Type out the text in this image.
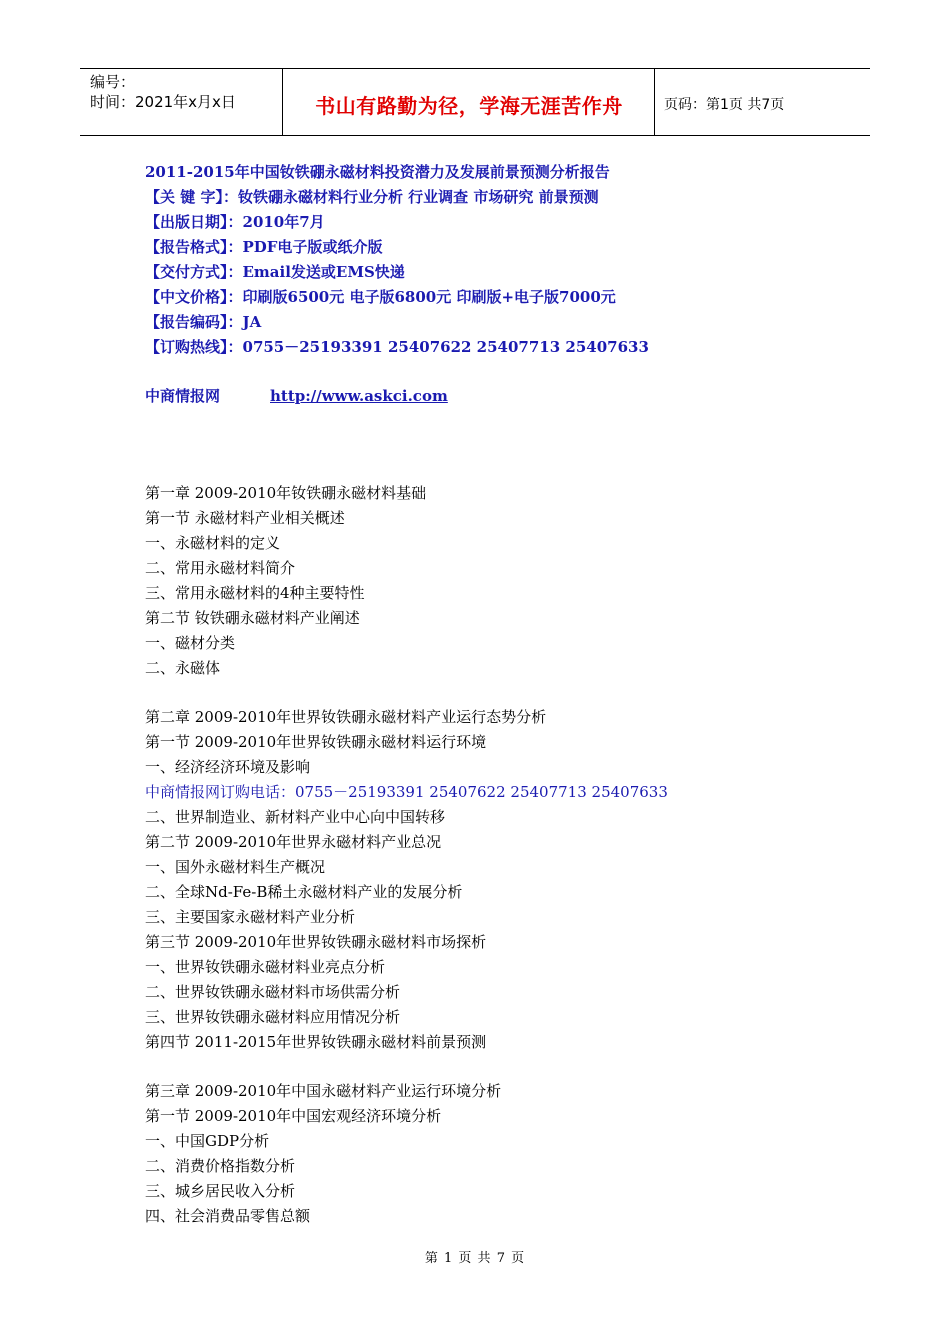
编号：
时间：2021年x月x日	书山有路勤为径，学海无涯苦作舟	页码：第1页 共7页
2011-2015年中国钕铁硼永磁材料投资潜力及发展前景预测分析报告
【关 键 字】：钕铁硼永磁材料行业分析 行业调查 市场研究 前景预测
【出版日期】：2010年7月
【报告格式】：PDF电子版或纸介版
【交付方式】：Email发送或EMS快递
【中文价格】：印刷版6500元 电子版6800元 印刷版+电子版7000元
【报告编码】：JA
【订购热线】：0755－25193391 25407622 25407713 25407633
中商情报网	http://www.askci.com
第一章 2009-2010年钕铁硼永磁材料基础
第一节 永磁材料产业相关概述
一、永磁材料的定义
二、常用永磁材料简介
三、常用永磁材料的4种主要特性
第二节 钕铁硼永磁材料产业阐述
一、磁材分类
二、永磁体
第二章 2009-2010年世界钕铁硼永磁材料产业运行态势分析
第一节 2009-2010年世界钕铁硼永磁材料运行环境
一、经济经济环境及影响
中商情报网订购电话：0755－25193391 25407622 25407713 25407633
二、世界制造业、新材料产业中心向中国转移
第二节 2009-2010年世界永磁材料产业总况
一、国外永磁材料生产概况
二、全球Nd-Fe-B稀土永磁材料产业的发展分析
三、主要国家永磁材料产业分析
第三节 2009-2010年世界钕铁硼永磁材料市场探析
一、世界钕铁硼永磁材料业亮点分析
二、世界钕铁硼永磁材料市场供需分析
三、世界钕铁硼永磁材料应用情况分析
第四节 2011-2015年世界钕铁硼永磁材料前景预测
第三章 2009-2010年中国永磁材料产业运行环境分析
第一节 2009-2010年中国宏观经济环境分析
一、中国GDP分析
二、消费价格指数分析
三、城乡居民收入分析
四、社会消费品零售总额
第 1 页 共 7 页
